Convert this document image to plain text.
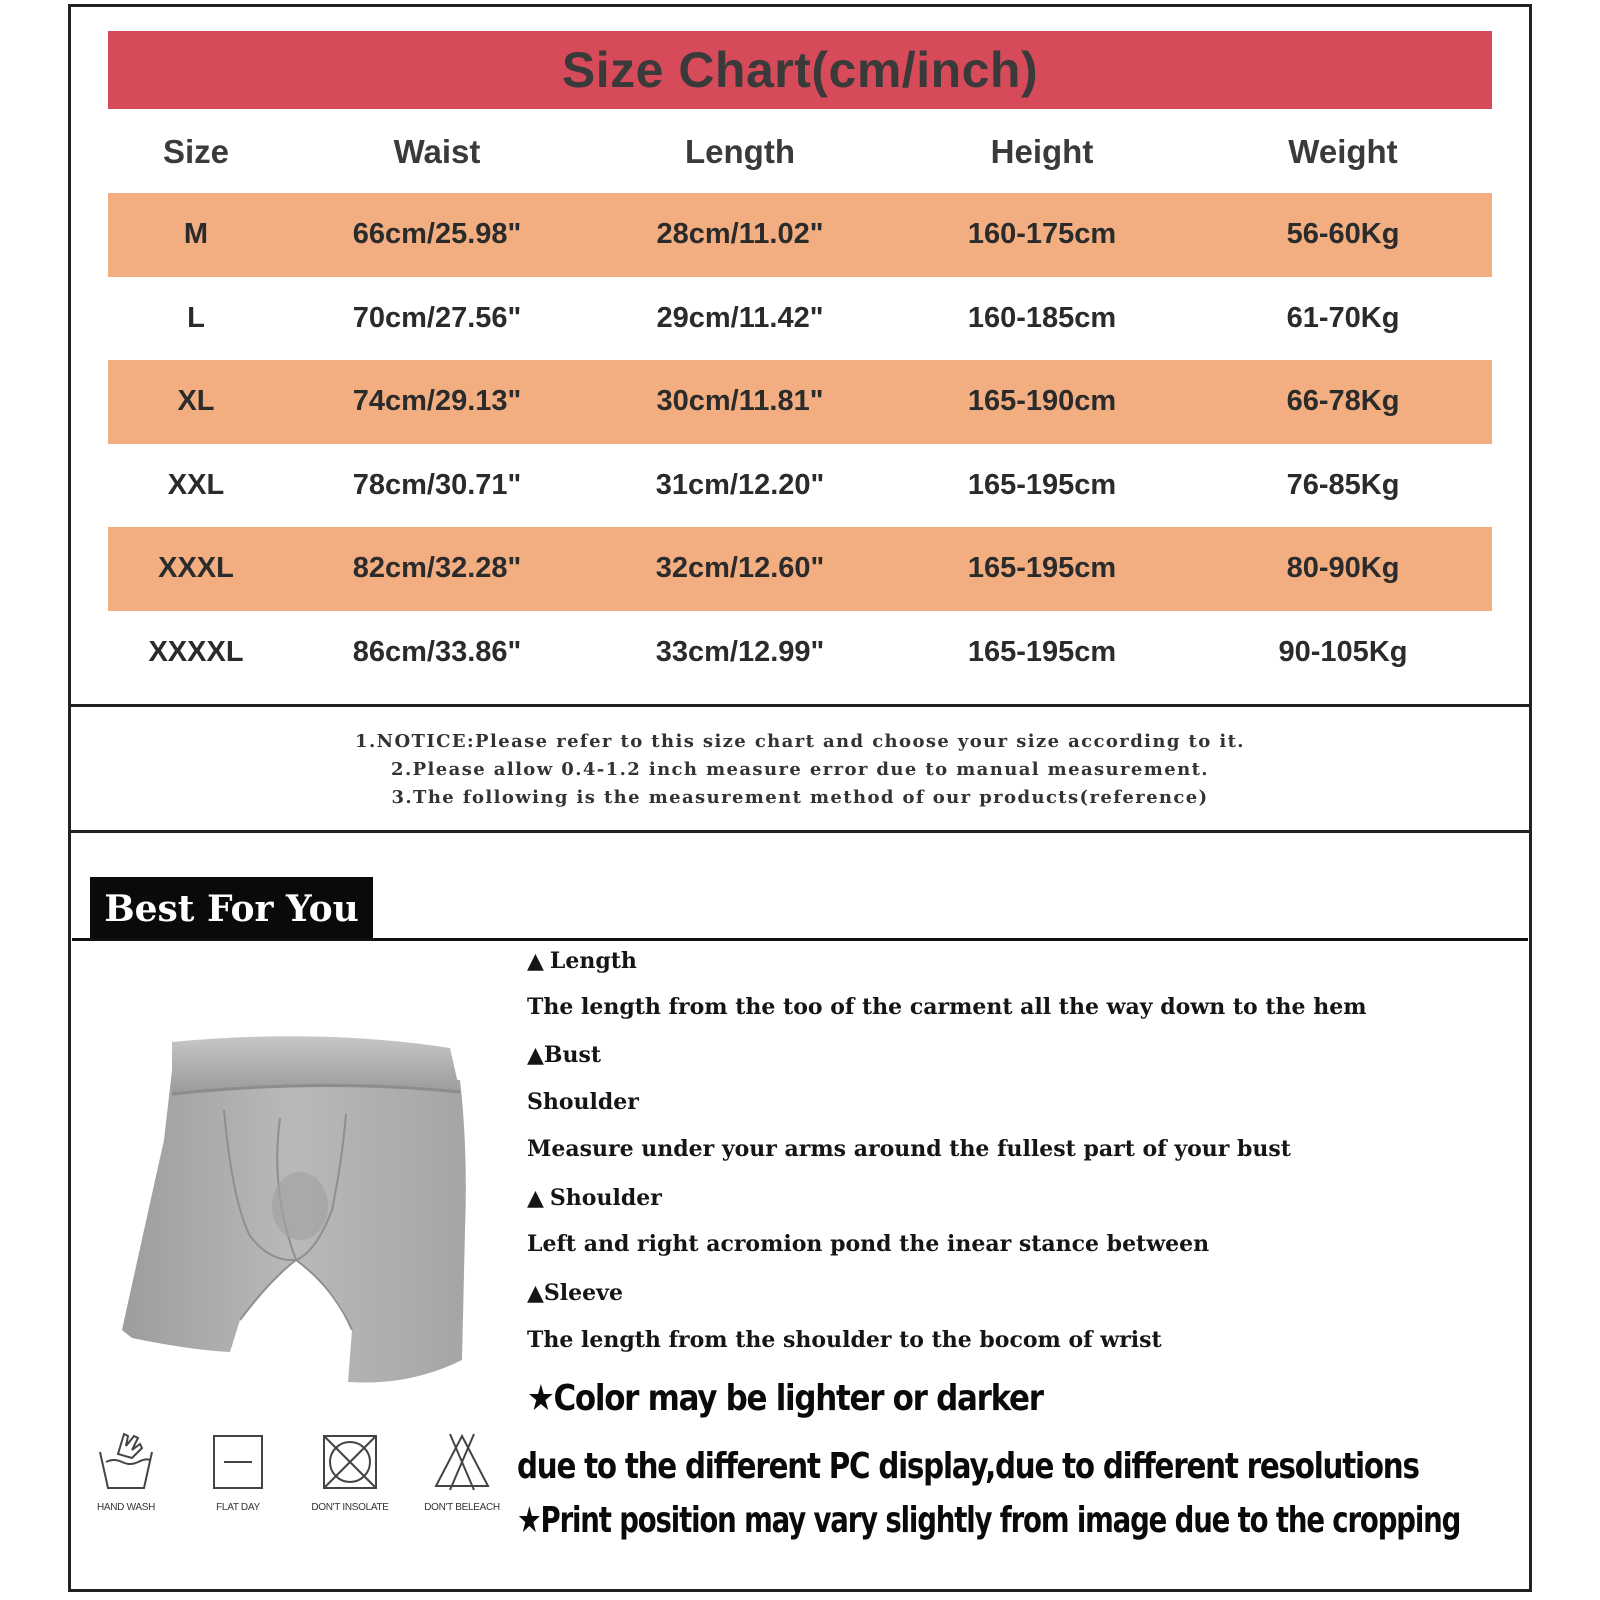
Size Chart(cm/inch)
Size	Waist	Length	Height	Weight
M	66cm/25.98"	28cm/11.02"	160-175cm	56-60Kg
L	70cm/27.56"	29cm/11.42"	160-185cm	61-70Kg
XL	74cm/29.13"	30cm/11.81"	165-190cm	66-78Kg
XXL	78cm/30.71"	31cm/12.20"	165-195cm	76-85Kg
XXXL	82cm/32.28"	32cm/12.60"	165-195cm	80-90Kg
XXXXL	86cm/33.86"	33cm/12.99"	165-195cm	90-105Kg
1.NOTICE:Please refer to this size chart and choose your size according to it.
2.Please allow 0.4-1.2 inch measure error due to manual measurement.
3.The following is the measurement method of our products(reference)
Best For You
▲ Length
The length from the too of the carment all the way down to the hem
▲Bust
Shoulder
Measure under your arms around the fullest part of your bust
▲ Shoulder
Left and right acromion pond the inear stance between
▲Sleeve
The length from the shoulder to the bocom of wrist
★Color may be lighter or darker
due to the different PC display,due to different resolutions
★Print position may vary slightly from image due to the cropping
HAND WASH	FLAT DAY	DON'T INSOLATE	DON'T BELEACH
